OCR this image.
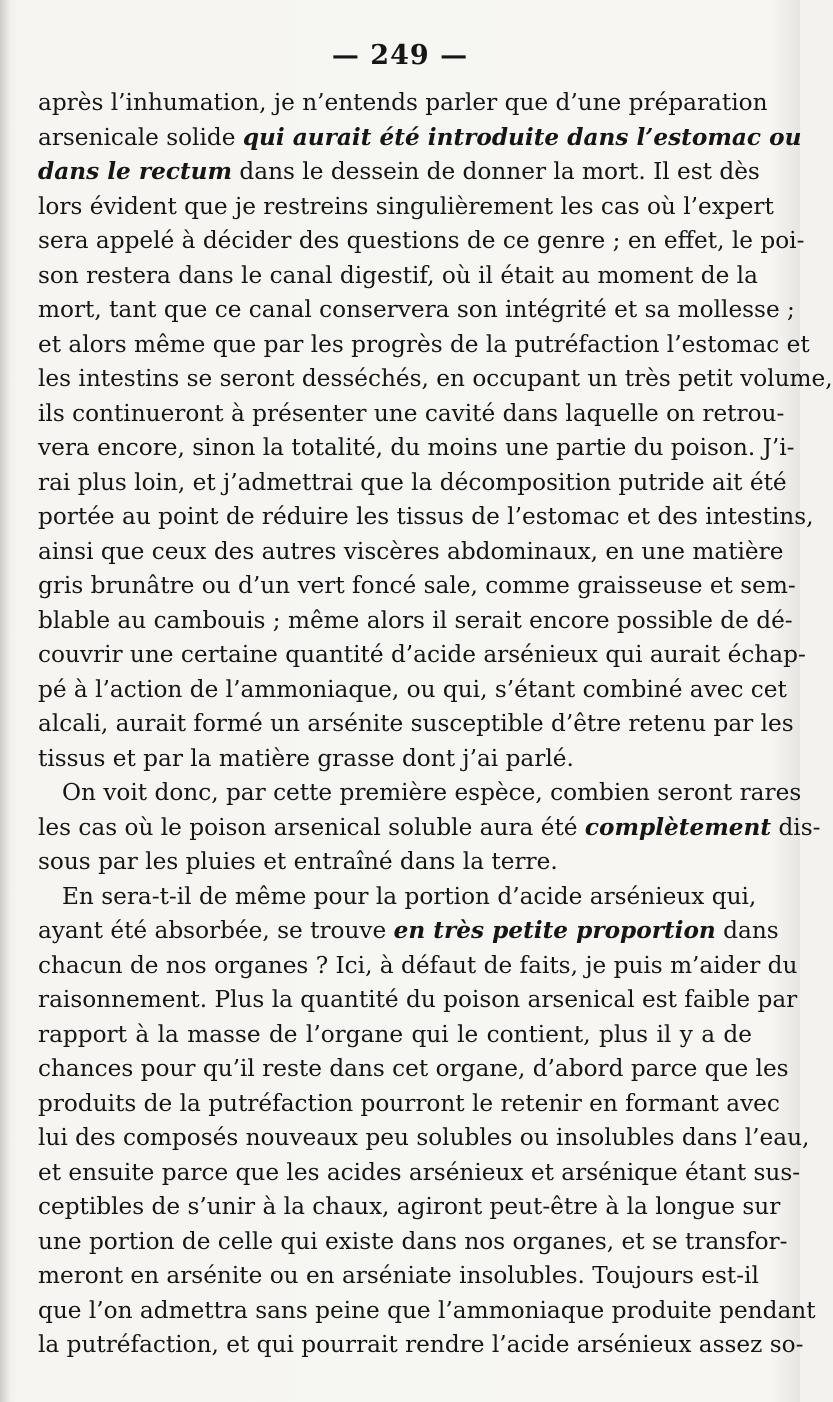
— 249 —
après l’inhumation, je n’entends parler que d’une préparation
arsenicale solide qui aurait été introduite dans l’estomac ou
dans le rectum dans le dessein de donner la mort. Il est dès
lors évident que je restreins singulièrement les cas où l’expert
sera appelé à décider des questions de ce genre ; en effet, le poi-
son restera dans le canal digestif, où il était au moment de la
mort, tant que ce canal conservera son intégrité et sa mollesse ;
et alors même que par les progrès de la putréfaction l’estomac et
les intestins se seront desséchés, en occupant un très petit volume,
ils continueront à présenter une cavité dans laquelle on retrou-
vera encore, sinon la totalité, du moins une partie du poison. J’i-
rai plus loin, et j’admettrai que la décomposition putride ait été
portée au point de réduire les tissus de l’estomac et des intestins,
ainsi que ceux des autres viscères abdominaux, en une matière
gris brunâtre ou d’un vert foncé sale, comme graisseuse et sem-
blable au cambouis ; même alors il serait encore possible de dé-
couvrir une certaine quantité d’acide arsénieux qui aurait échap-
pé à l’action de l’ammoniaque, ou qui, s’étant combiné avec cet
alcali, aurait formé un arsénite susceptible d’être retenu par les
tissus et par la matière grasse dont j’ai parlé.
On voit donc, par cette première espèce, combien seront rares
les cas où le poison arsenical soluble aura été complètement dis-
sous par les pluies et entraîné dans la terre.
En sera-t-il de même pour la portion d’acide arsénieux qui,
ayant été absorbée, se trouve en très petite proportion dans
chacun de nos organes ? Ici, à défaut de faits, je puis m’aider du
raisonnement. Plus la quantité du poison arsenical est faible par
rapport à la masse de l’organe qui le contient, plus il y a de
chances pour qu’il reste dans cet organe, d’abord parce que les
produits de la putréfaction pourront le retenir en formant avec
lui des composés nouveaux peu solubles ou insolubles dans l’eau,
et ensuite parce que les acides arsénieux et arsénique étant sus-
ceptibles de s’unir à la chaux, agiront peut-être à la longue sur
une portion de celle qui existe dans nos organes, et se transfor-
meront en arsénite ou en arséniate insolubles. Toujours est-il
que l’on admettra sans peine que l’ammoniaque produite pendant
la putréfaction, et qui pourrait rendre l’acide arsénieux assez so-
